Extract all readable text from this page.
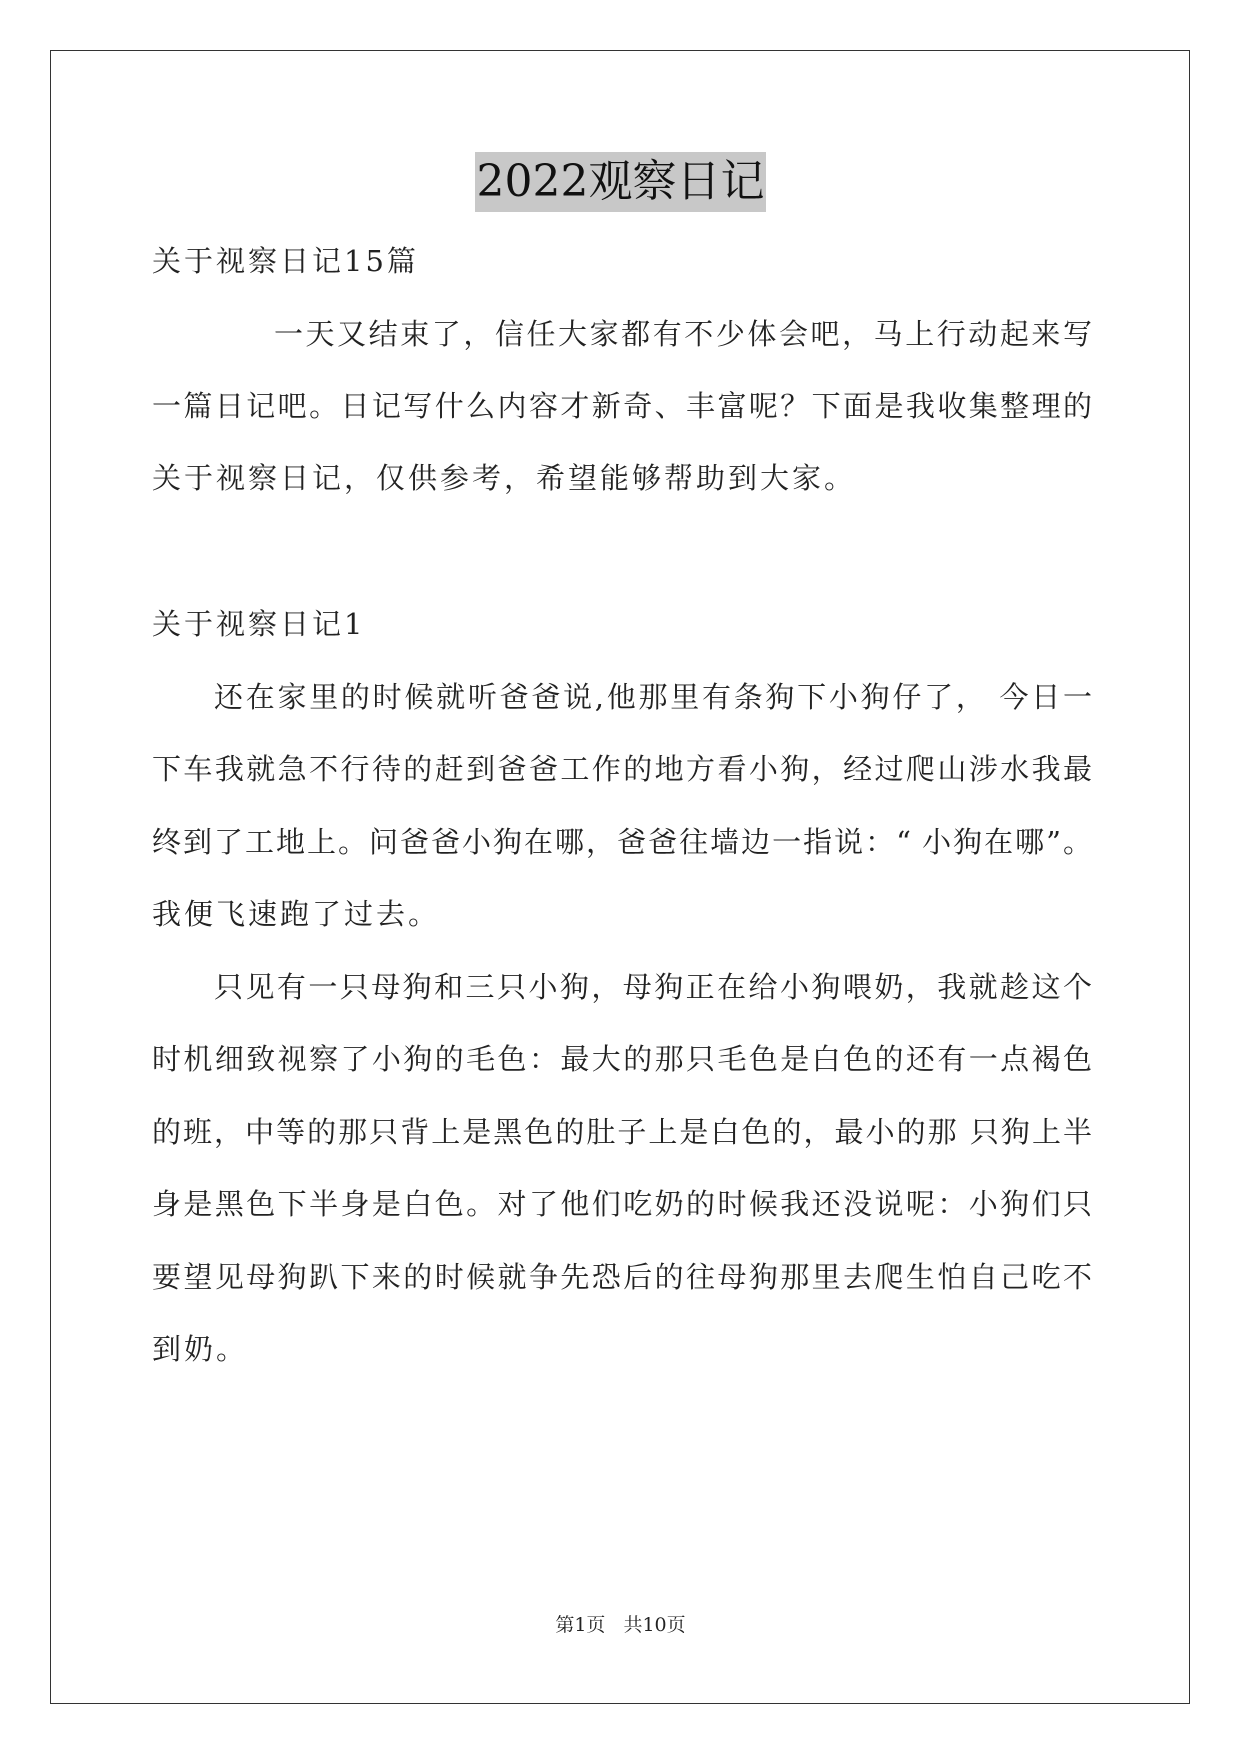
2022观察日记
关于视察日记15篇
一天又结束了，信任大家都有不少体会吧，马上行动起来写
一篇日记吧。日记写什么内容才新奇、丰富呢？下面是我收集整理的
关于视察日记，仅供参考，希望能够帮助到大家。
关于视察日记1
还在家里的时候就听爸爸说,他那里有条狗下小狗仔了， 今日一
下车我就急不行待的赶到爸爸工作的地方看小狗，经过爬山涉水我最
终到了工地上。问爸爸小狗在哪，爸爸往墙边一指说：“ 小狗在哪”。
我便飞速跑了过去。
只见有一只母狗和三只小狗，母狗正在给小狗喂奶，我就趁这个
时机细致视察了小狗的毛色：最大的那只毛色是白色的还有一点褐色
的班，中等的那只背上是黑色的肚子上是白色的，最小的那 只狗上半
身是黑色下半身是白色。对了他们吃奶的时候我还没说呢：小狗们只
要望见母狗趴下来的时候就争先恐后的往母狗那里去爬生怕自己吃不
到奶。
第1页 共10页
